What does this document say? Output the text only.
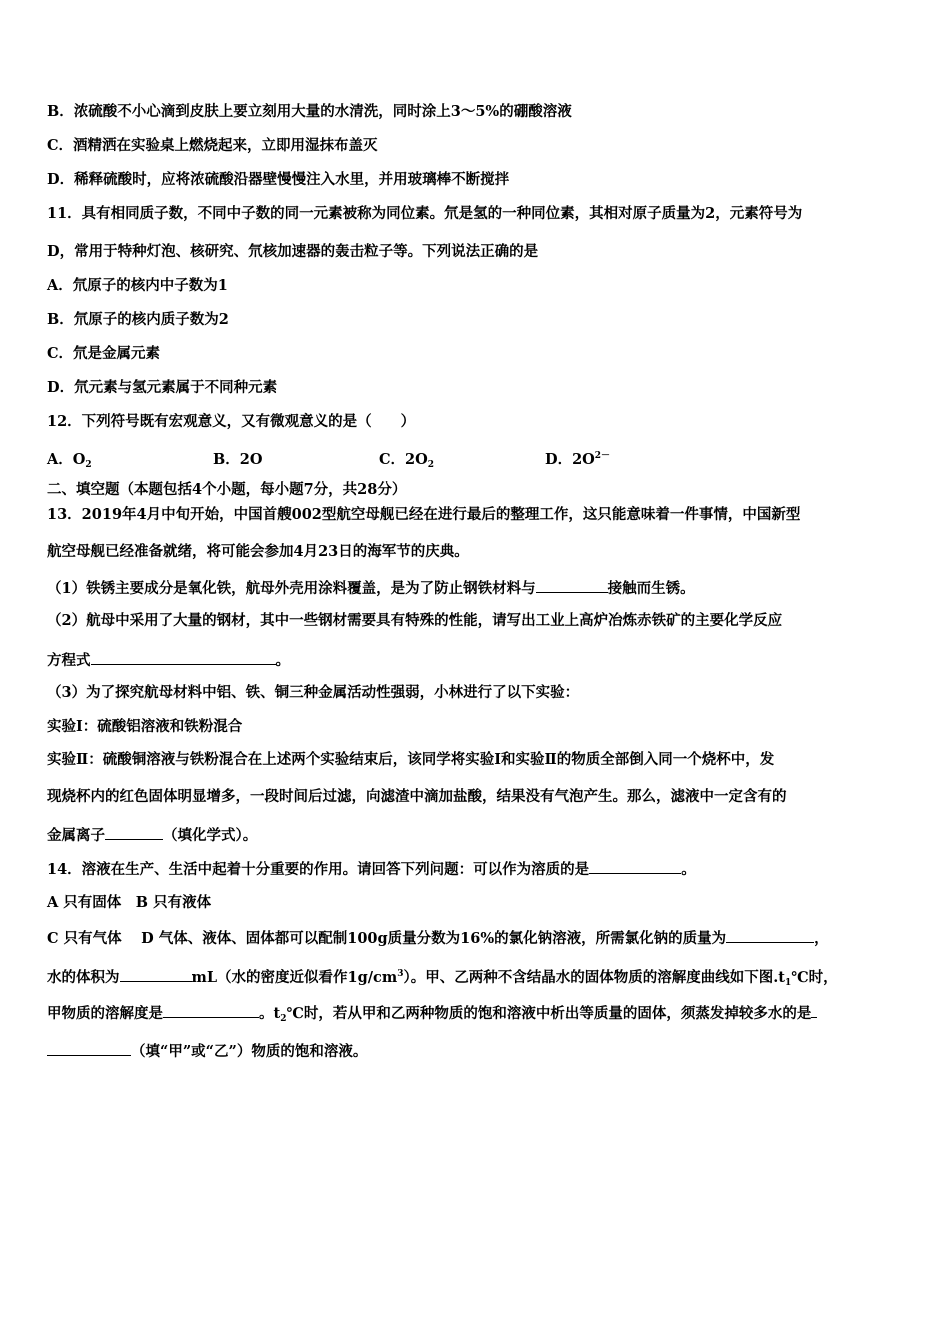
B．浓硫酸不小心滴到皮肤上要立刻用大量的水清洗，同时涂上3～5%的硼酸溶液
C．酒精洒在实验桌上燃烧起来，立即用湿抹布盖灭
D．稀释硫酸时，应将浓硫酸沿器壁慢慢注入水里，并用玻璃棒不断搅拌
11．具有相同质子数，不同中子数的同一元素被称为同位素。氘是氢的一种同位素，其相对原子质量为2，元素符号为
D，常用于特种灯泡、核研究、氘核加速器的轰击粒子等。下列说法正确的是
A．氘原子的核内中子数为1
B．氘原子的核内质子数为2
C．氘是金属元素
D．氘元素与氢元素属于不同种元素
12．下列符号既有宏观意义，又有微观意义的是（　　）
A．$O_2$	B．2O	C．$2O_2$	D．$2O^{2-}$
二、填空题（本题包括4个小题，每小题7分，共28分）
13．2019年4月中旬开始，中国首艘002型航空母舰已经在进行最后的整理工作，这只能意味着一件事情，中国新型
航空母舰已经准备就绪，将可能会参加4月23日的海军节的庆典。
（1）铁锈主要成分是氧化铁，航母外壳用涂料覆盖，是为了防止钢铁材料与	接触而生锈。
（2）航母中采用了大量的钢材，其中一些钢材需要具有特殊的性能，请写出工业上高炉冶炼赤铁矿的主要化学反应
方程式	。
（3）为了探究航母材料中铝、铁、铜三种金属活动性强弱，小林进行了以下实验：
实验Ⅰ：硫酸铝溶液和铁粉混合
实验Ⅱ：硫酸铜溶液与铁粉混合在上述两个实验结束后，该同学将实验Ⅰ和实验Ⅱ的物质全部倒入同一个烧杯中，发
现烧杯内的红色固体明显增多，一段时间后过滤，向滤渣中滴加盐酸，结果没有气泡产生。那么，滤液中一定含有的
金属离子	（填化学式）。
14．溶液在生产、生活中起着十分重要的作用。请回答下列问题：可以作为溶质的是	。
A 只有固体　B 只有液体
C 只有气体　 D 气体、液体、固体都可以配制100g质量分数为16%的氯化钠溶液，所需氯化钠的质量为	，
水的体积为	mL（水的密度近似看作$1g/cm^3$）。甲、乙两种不含结晶水的固体物质的溶解度曲线如下图$.t_1℃$时，
甲物质的溶解度是	。$t_2℃$时，若从甲和乙两种物质的饱和溶液中析出等质量的固体，须蒸发掉较多水的是
（填“甲”或“乙”）物质的饱和溶液。
